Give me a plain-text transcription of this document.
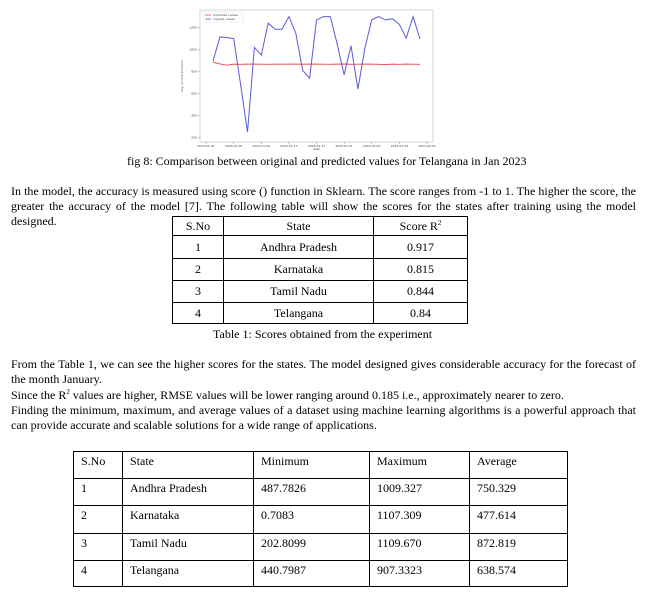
200
400
600
800
1000
1200
2023-01-01	2023-01-05	2023-01-09	2023-01-13	2023-01-17	2023-01-21	2023-01-25	2023-01-29	2023-02-01
date
Avg. of CO2 emission
predicted values
original values
fig 8: Comparison between original and predicted values for Telangana in Jan 2023
In the model, the accuracy is measured using score () function in Sklearn. The score ranges from -1 to 1. The higher the score, the greater the accuracy of the model [7]. The following table will show the scores for the states after training using the model designed.	S.No	State	Score $R^2$
1	Andhra Pradesh	0.917
2	Karnataka	0.815
3	Tamil Nadu	0.844
4	Telangana	0.84
Table 1: Scores obtained from the experiment
From the Table 1, we can see the higher scores for the states. The model designed gives considerable accuracy for the forecast of the month January.
Since the $R^2$ values are higher, RMSE values will be lower ranging around 0.185 i.e., approximately nearer to zero.
Finding the minimum, maximum, and average values of a dataset using machine learning algorithms is a powerful approach that can provide accurate and scalable solutions for a wide range of applications.
S.No	State	Minimum	Maximum	Average
1	Andhra Pradesh	487.7826	1009.327	750.329
2	Karnataka	0.7083	1107.309	477.614
3	Tamil Nadu	202.8099	1109.670	872.819
4	Telangana	440.7987	907.3323	638.574
